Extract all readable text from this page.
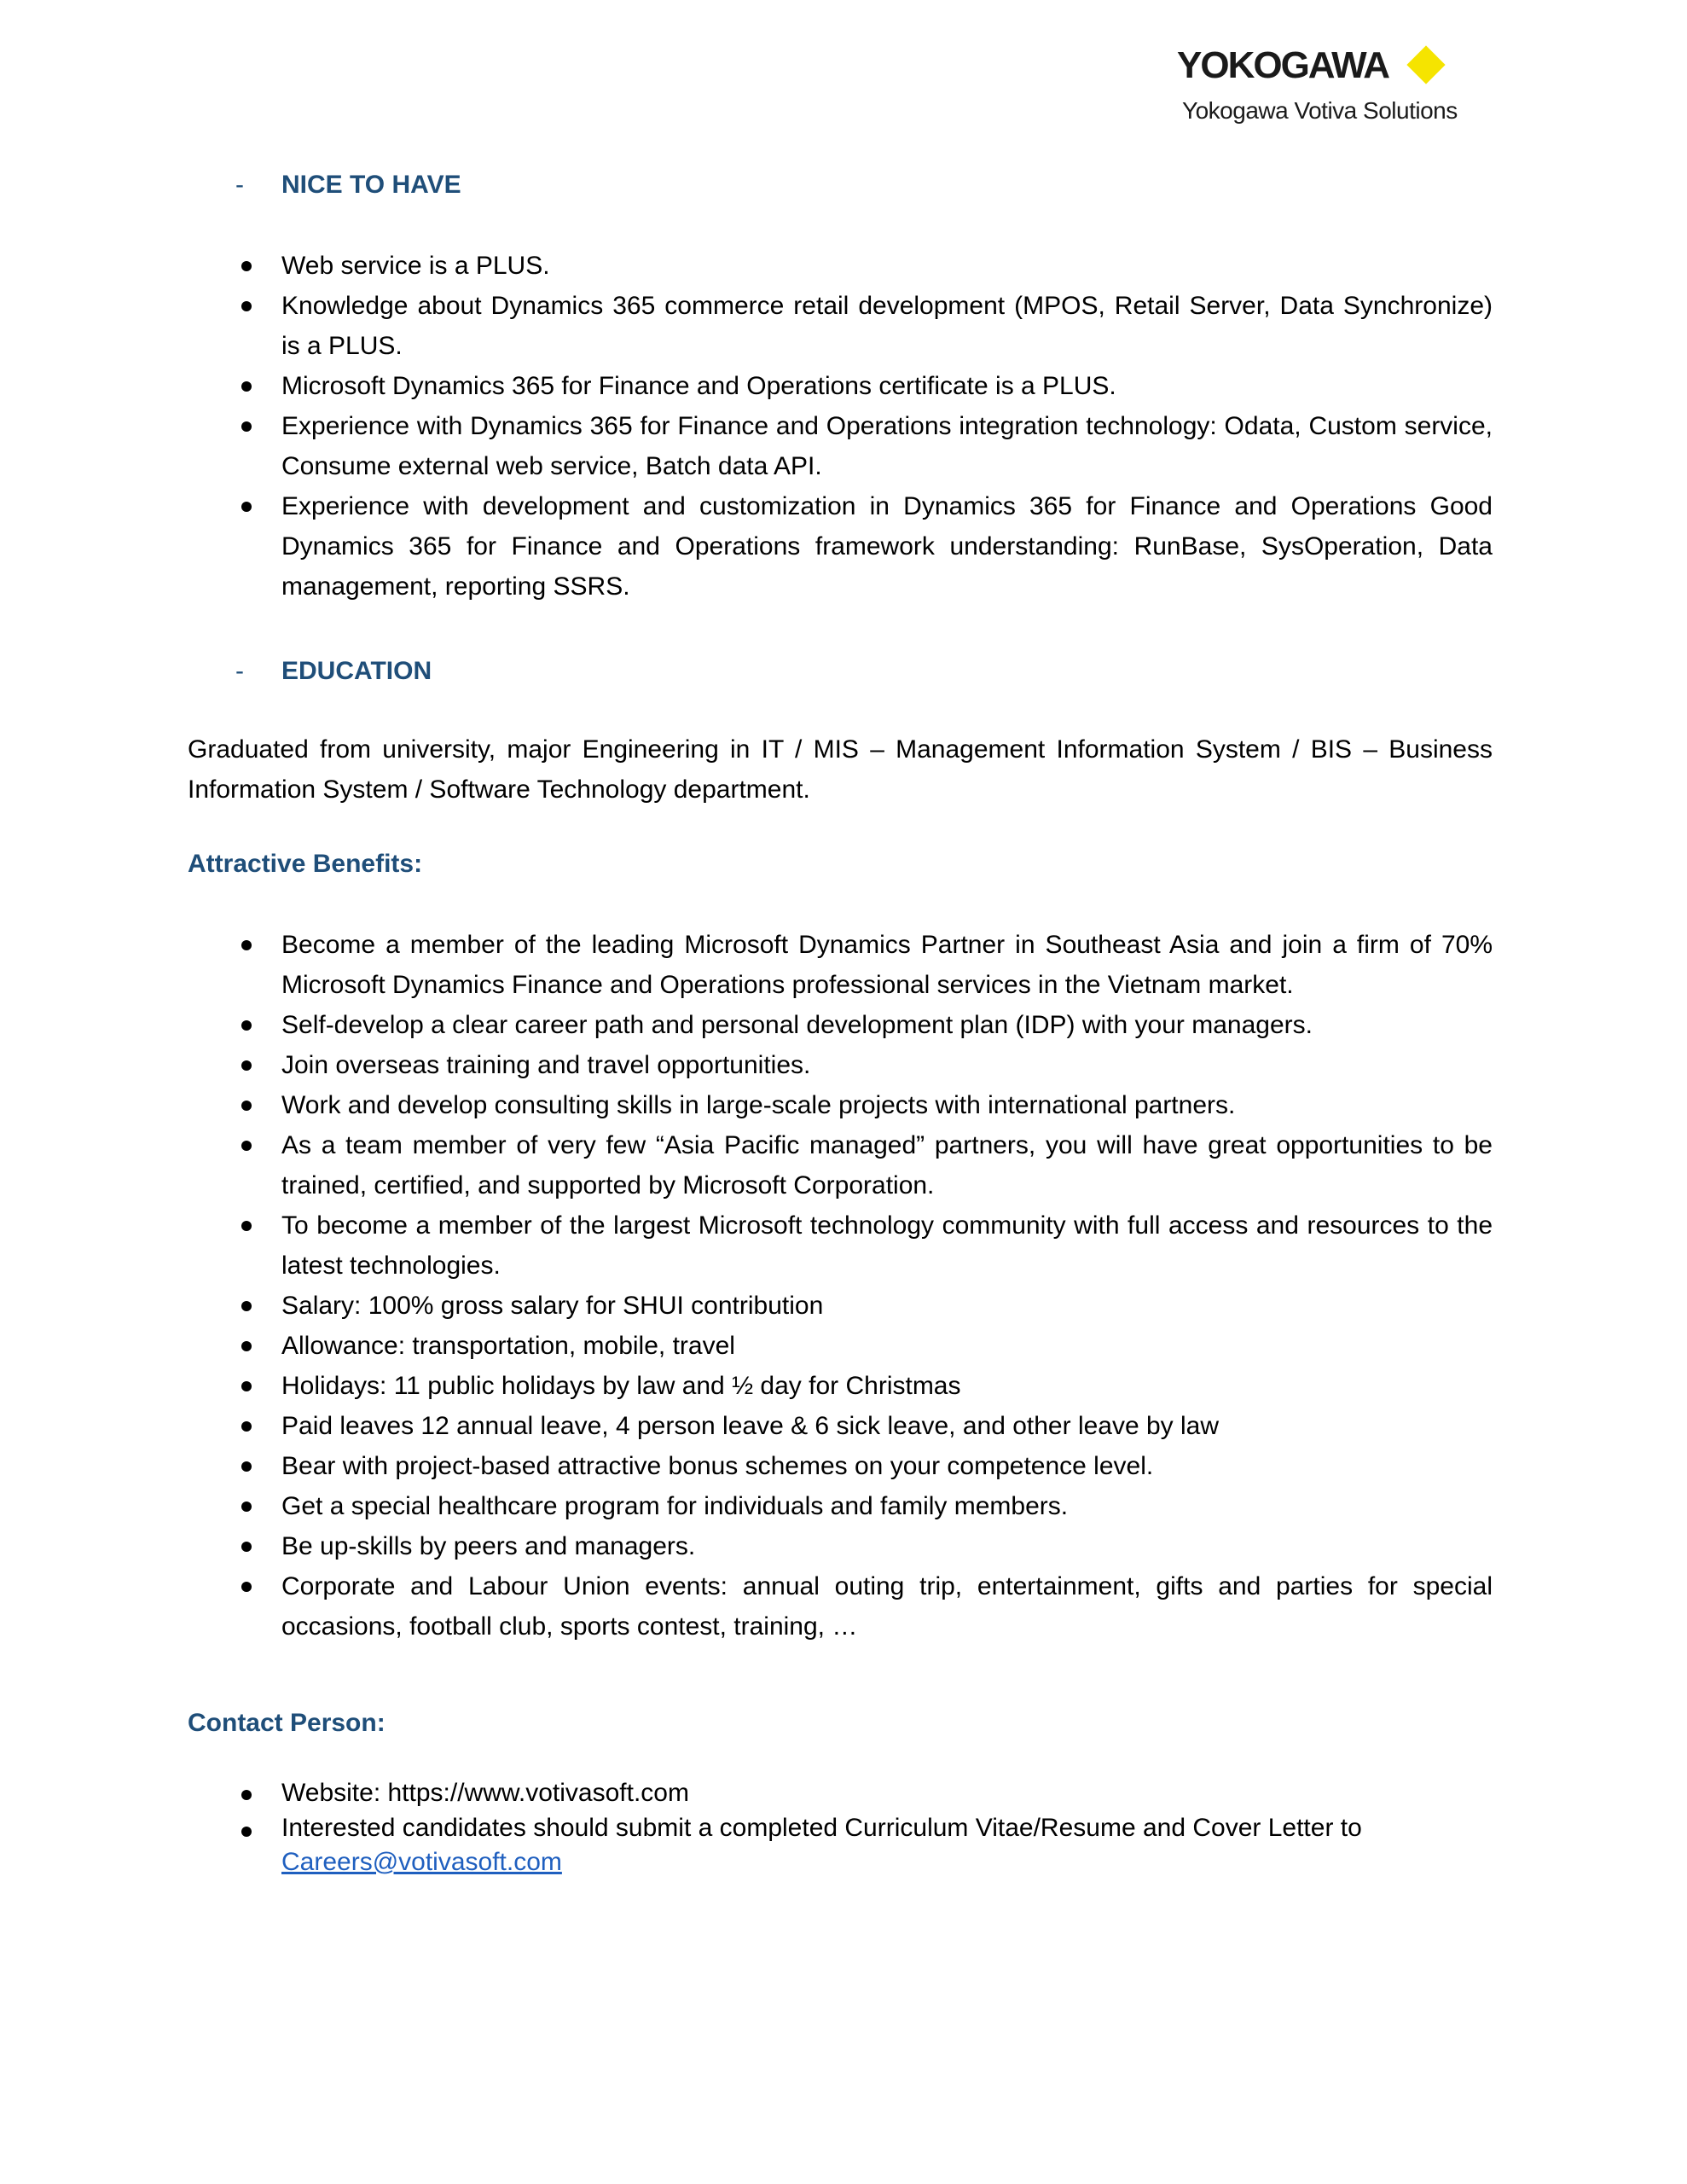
YOKOGAWA
Yokogawa Votiva Solutions
- NICE TO HAVE
Web service is a PLUS.
Knowledge about Dynamics 365 commerce retail development (MPOS, Retail Server, Data Synchronize) is a PLUS.
Microsoft Dynamics 365 for Finance and Operations certificate is a PLUS.
Experience with Dynamics 365 for Finance and Operations integration technology: Odata, Custom service, Consume external web service, Batch data API.
Experience with development and customization in Dynamics 365 for Finance and Operations Good Dynamics 365 for Finance and Operations framework understanding: RunBase, SysOperation, Data management, reporting SSRS.
- EDUCATION
Graduated from university, major Engineering in IT / MIS – Management Information System / BIS – Business Information System / Software Technology department.
Attractive Benefits:
Become a member of the leading Microsoft Dynamics Partner in Southeast Asia and join a firm of 70% Microsoft Dynamics Finance and Operations professional services in the Vietnam market.
Self-develop a clear career path and personal development plan (IDP) with your managers.
Join overseas training and travel opportunities.
Work and develop consulting skills in large-scale projects with international partners.
As a team member of very few “Asia Pacific managed” partners, you will have great opportunities to be trained, certified, and supported by Microsoft Corporation.
To become a member of the largest Microsoft technology community with full access and resources to the latest technologies.
Salary: 100% gross salary for SHUI contribution
Allowance: transportation, mobile, travel
Holidays: 11 public holidays by law and ½ day for Christmas
Paid leaves 12 annual leave, 4 person leave & 6 sick leave, and other leave by law
Bear with project-based attractive bonus schemes on your competence level.
Get a special healthcare program for individuals and family members.
Be up-skills by peers and managers.
Corporate and Labour Union events: annual outing trip, entertainment, gifts and parties for special occasions, football club, sports contest, training, …
Contact Person:
Website: https://www.votivasoft.com
Interested candidates should submit a completed Curriculum Vitae/Resume and Cover Letter to
Careers@votivasoft.com
